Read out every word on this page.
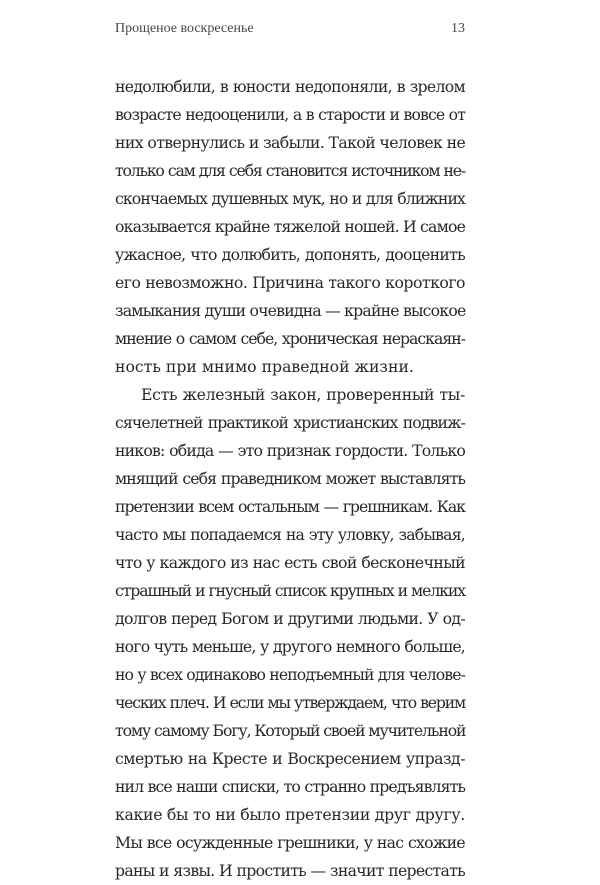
Прощеное воскресенье	13
недолюбили, в юности недопоняли, в зрелом
возрасте недооценили, а в старости и вовсе от
них отвернулись и забыли. Такой человек не
только сам для себя становится источником не-
скончаемых душевных мук, но и для ближних
оказывается крайне тяжелой ношей. И самое
ужасное, что долюбить, допонять, дооценить
его невозможно. Причина такого короткого
замыкания души очевидна — крайне высокое
мнение о самом себе, хроническая нераскаян-
ность при мнимо праведной жизни.
Есть железный закон, проверенный ты-
сячелетней практикой христианских подвиж-
ников: обида — это признак гордости. Только
мнящий себя праведником может выставлять
претензии всем остальным — грешникам. Как
часто мы попадаемся на эту уловку, забывая,
что у каждого из нас есть свой бесконечный
страшный и гнусный список крупных и мелких
долгов перед Богом и другими людьми. У од-
ного чуть меньше, у другого немного больше,
но у всех одинаково неподъемный для челове-
ческих плеч. И если мы утверждаем, что верим
тому самому Богу, Который своей мучительной
смертью на Кресте и Воскресением упразд-
нил все наши списки, то странно предъявлять
какие бы то ни было претензии друг другу.
Мы все осужденные грешники, у нас схожие
раны и язвы. И простить — значит перестать
